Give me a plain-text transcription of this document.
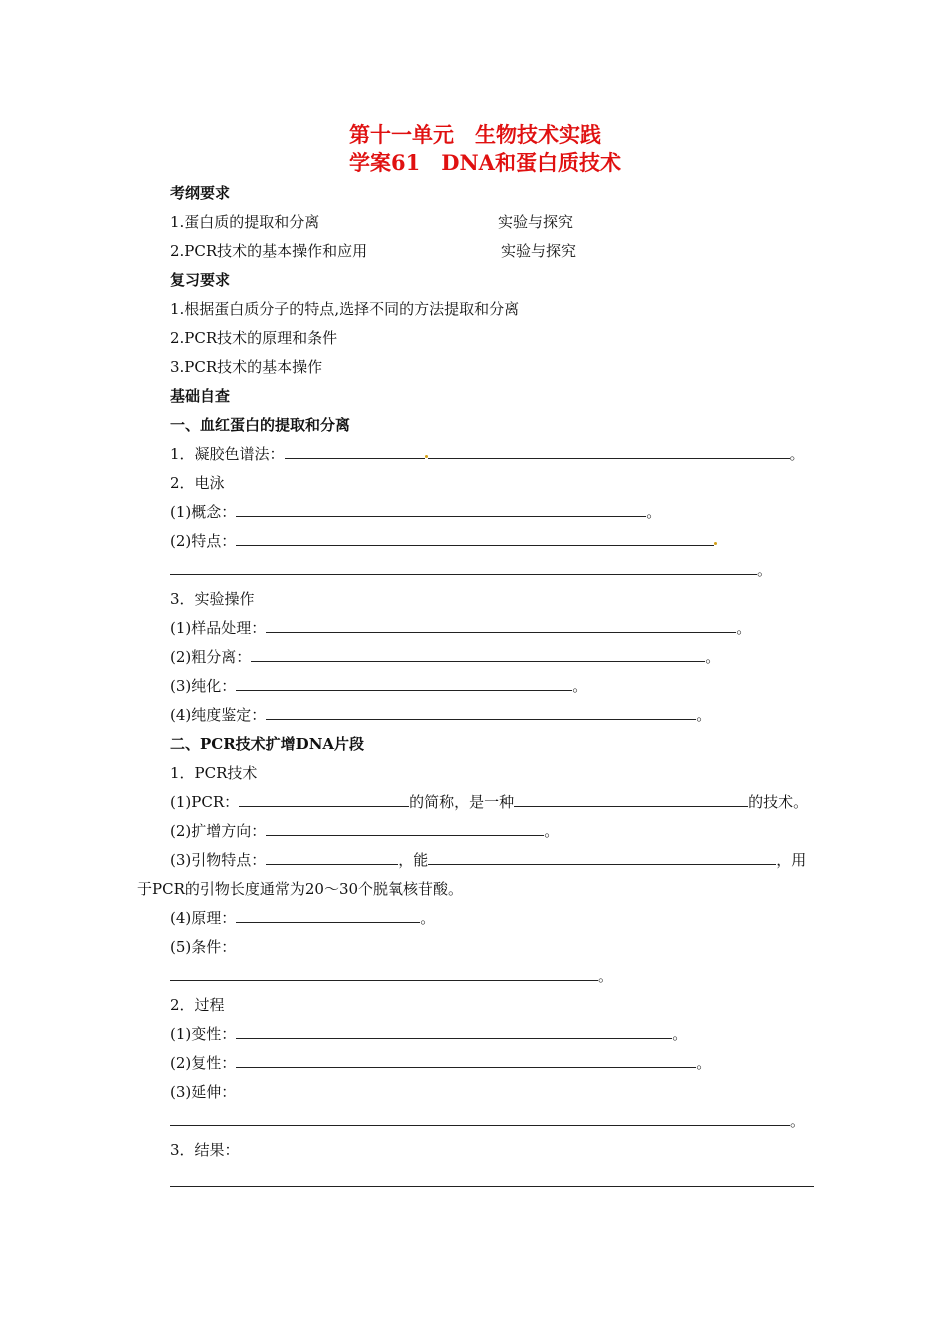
第十一单元　生物技术实践
学案61　DNA和蛋白质技术
考纲要求
1.蛋白质的提取和分离	实验与探究
2.PCR技术的基本操作和应用	实验与探究
复习要求
1.根据蛋白质分子的特点,选择不同的方法提取和分离
2.PCR技术的原理和条件
3.PCR技术的基本操作
基础自查
一、血红蛋白的提取和分离
1．凝胶色谱法：	。
2．电泳
(1)概念：	。
(2)特点：
。
3．实验操作
(1)样品处理：	。
(2)粗分离：	。
(3)纯化：	。
(4)纯度鉴定：	。
二、PCR技术扩增DNA片段
1．PCR技术
(1)PCR：	的简称，是一种	的技术。
(2)扩增方向：	。
(3)引物特点：	，能	，用
于PCR的引物长度通常为20～30个脱氧核苷酸。
(4)原理：	。
(5)条件：
。
2．过程
(1)变性：	。
(2)复性：	。
(3)延伸：
。
3．结果：
